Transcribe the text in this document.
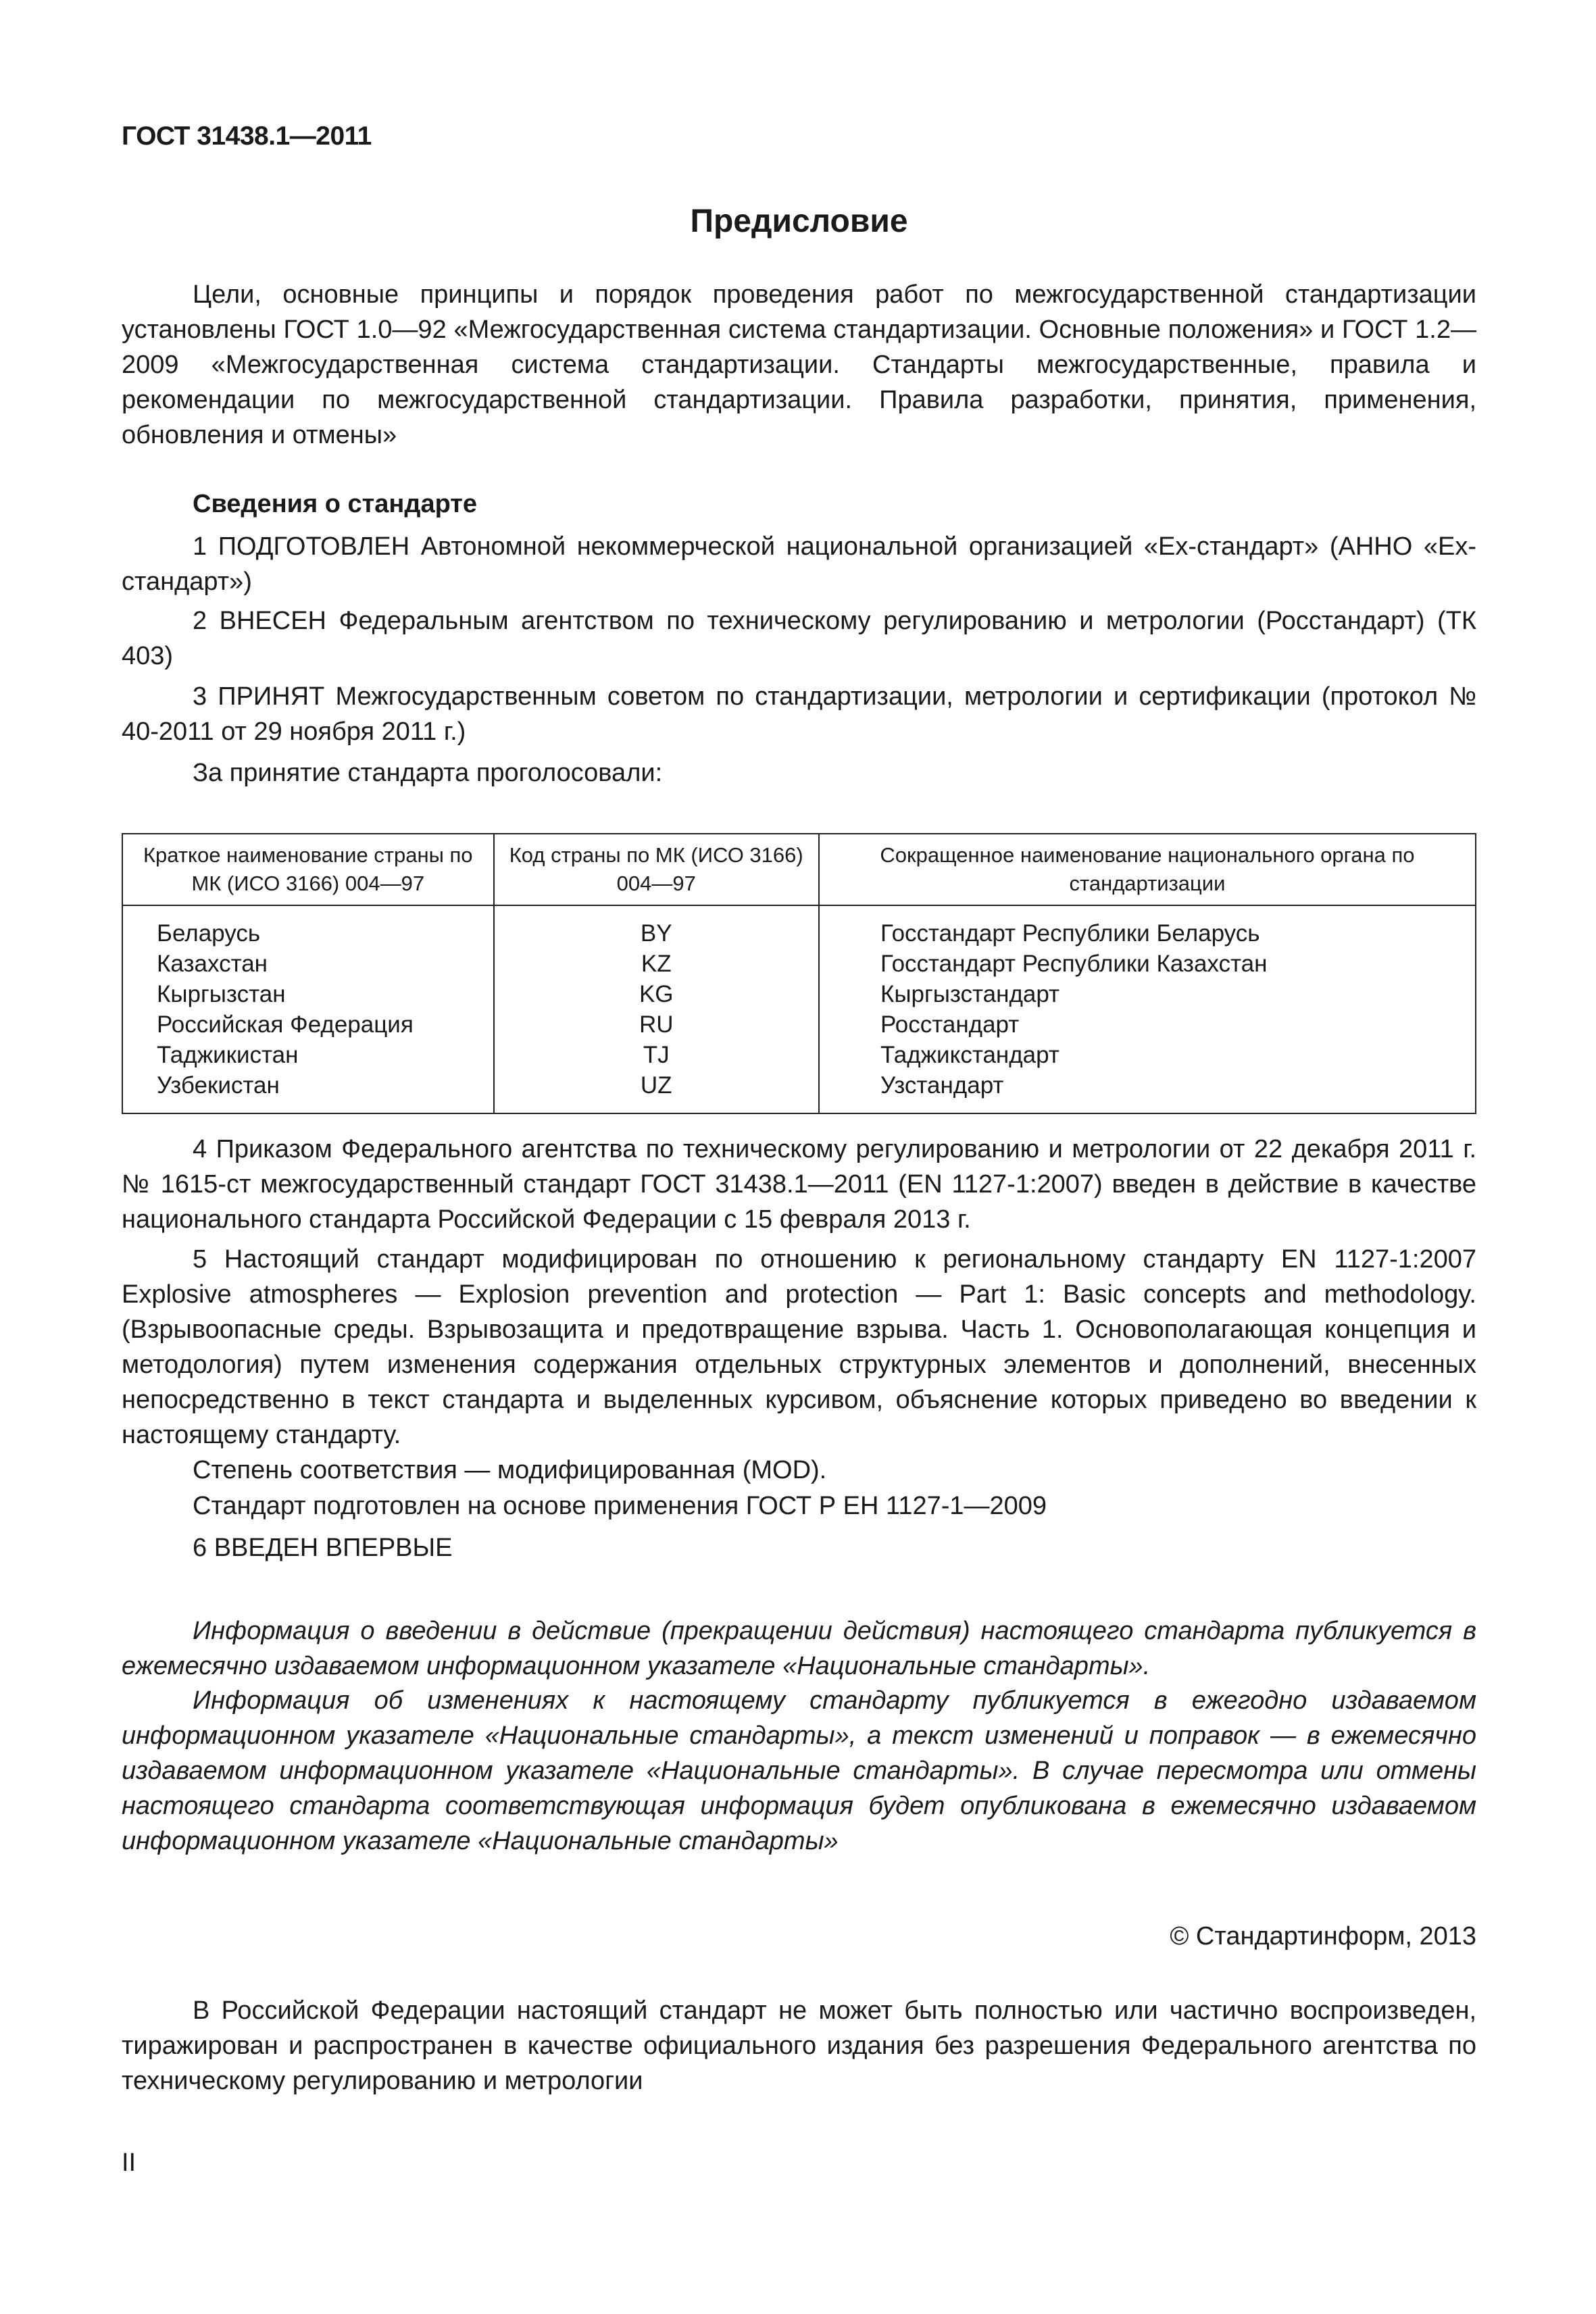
ГОСТ 31438.1—2011
Предисловие

Цели, основные принципы и порядок проведения работ по межгосударственной стандартизации установлены ГОСТ 1.0—92 «Межгосударственная система стандартизации. Основные положения» и ГОСТ 1.2—2009 «Межгосударственная система стандартизации. Стандарты межгосударственные, правила и рекомендации по межгосударственной стандартизации. Правила разработки, принятия, применения, обновления и отмены»

Сведения о стандарте

1 ПОДГОТОВЛЕН Автономной некоммерческой национальной организацией «Ех-стандарт» (АННО «Ех-стандарт»)

2 ВНЕСЕН Федеральным агентством по техническому регулированию и метрологии (Росстандарт) (ТК 403)

3 ПРИНЯТ Межгосударственным советом по стандартизации, метрологии и сертификации (протокол № 40-2011 от 29 ноября 2011 г.)

За принятие стандарта проголосовали:

Краткое наименование страны по МК (ИСО 3166) 004—97	Код страны по МК (ИСО 3166) 004—97	Сокращенное наименование национального органа по стандартизации
Беларусь	BY	Госстандарт Республики Беларусь
Казахстан	KZ	Госстандарт Республики Казахстан
Кыргызстан	KG	Кыргызстандарт
Российская Федерация	RU	Росстандарт
Таджикистан	TJ	Таджикстандарт
Узбекистан	UZ	Узстандарт

4 Приказом Федерального агентства по техническому регулированию и метрологии от 22 декабря 2011 г. № 1615-ст межгосударственный стандарт ГОСТ 31438.1—2011 (EN 1127-1:2007) введен в действие в качестве национального стандарта Российской Федерации с 15 февраля 2013 г.

5 Настоящий стандарт модифицирован по отношению к региональному стандарту EN 1127-1:2007 Explosive atmospheres — Explosion prevention and protection — Part 1: Basic concepts and methodology. (Взрывоопасные среды. Взрывозащита и предотвращение взрыва. Часть 1. Основополагающая концепция и методология) путем изменения содержания отдельных структурных элементов и дополнений, внесенных непосредственно в текст стандарта и выделенных курсивом, объяснение которых приведено во введении к настоящему стандарту.

Степень соответствия — модифицированная (MOD).

Стандарт подготовлен на основе применения ГОСТ Р ЕН 1127-1—2009

6 ВВЕДЕН ВПЕРВЫЕ

Информация о введении в действие (прекращении действия) настоящего стандарта публикуется в ежемесячно издаваемом информационном указателе «Национальные стандарты».

Информация об изменениях к настоящему стандарту публикуется в ежегодно издаваемом информационном указателе «Национальные стандарты», а текст изменений и поправок — в ежемесячно издаваемом информационном указателе «Национальные стандарты». В случае пересмотра или отмены настоящего стандарта соответствующая информация будет опубликована в ежемесячно издаваемом информационном указателе «Национальные стандарты»

© Стандартинформ, 2013

В Российской Федерации настоящий стандарт не может быть полностью или частично воспроизведен, тиражирован и распространен в качестве официального издания без разрешения Федерального агентства по техническому регулированию и метрологии

II
